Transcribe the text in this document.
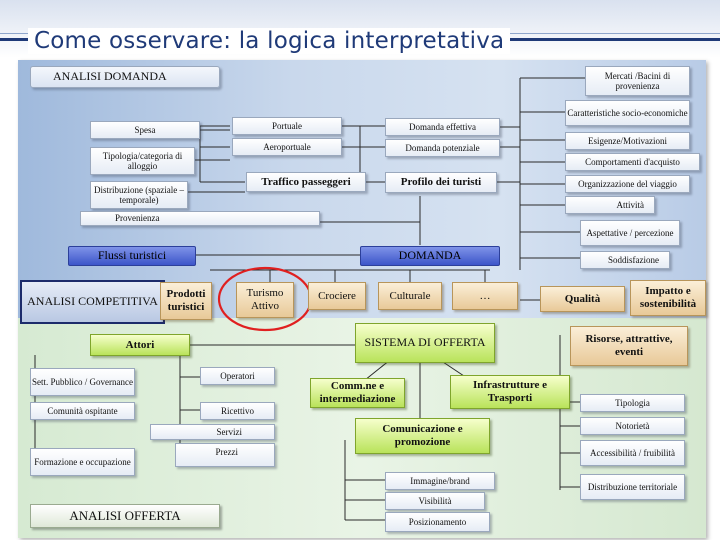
Come osservare: la logica interpretativa
ANALISI DOMANDA
Spesa
Tipologia/categoria di alloggio
Distribuzione (spaziale – temporale)
Provenienza
Portuale
Aeroportuale
Traffico passeggeri
Domanda effettiva
Domanda potenziale
Profilo dei turisti
Flussi turistici	DOMANDA
Mercati /Bacini di provenienza
Caratteristiche socio-economiche
Esigenze/Motivazioni
Comportamenti d'acquisto
Organizzazione del viaggio
Attività
Aspettative / percezione
Soddisfazione
Qualità
Impatto e sostenibilità
Risorse, attrattive, eventi
ANALISI COMPETITIVA Prodotti turistici
Turismo Attivo
Crociere	Culturale	…
Attori	SISTEMA DI OFFERTA
Sett. Pubblico / Governance
Comunità ospitante
Formazione e occupazione
Operatori
Ricettivo
Servizi
Prezzi
Comm.ne e intermediazione
Infrastrutture e Trasporti
Comunicazione e promozione
Immagine/brand
Visibilità
Posizionamento
Tipologia
Notorietà
Accessibilità / fruibilità
Distribuzione territoriale
ANALISI OFFERTA
